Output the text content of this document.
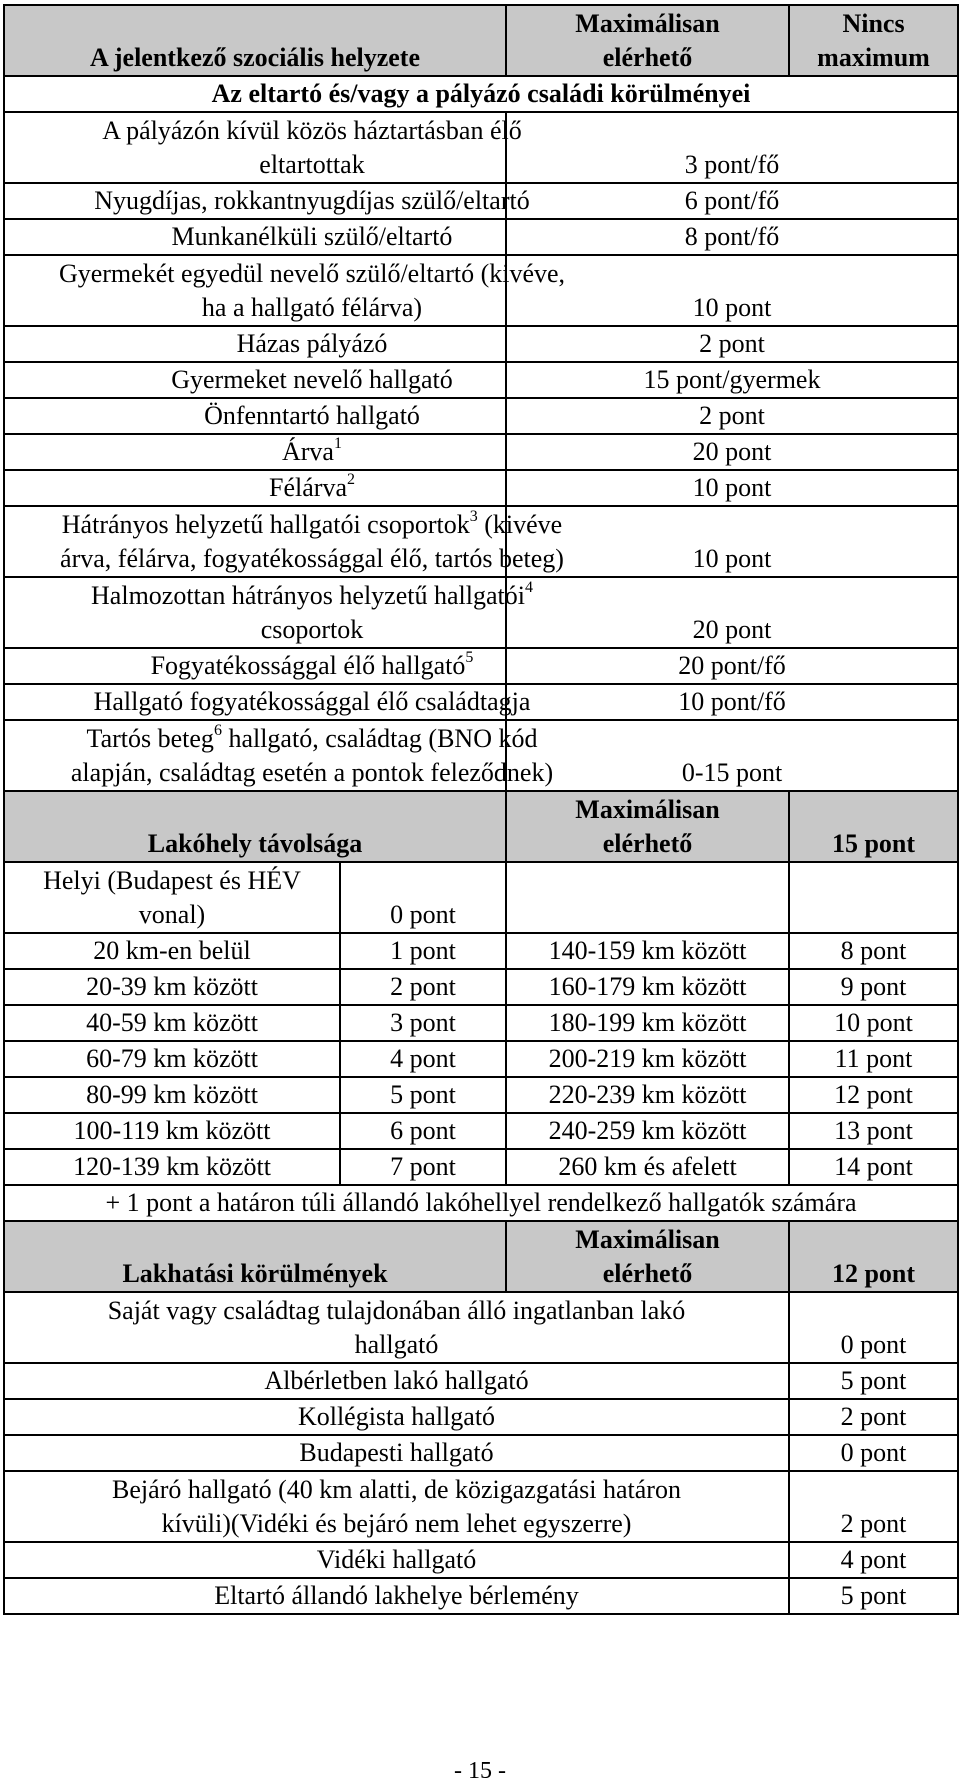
A jelentkező szociális helyzete		Maximálisan
elérhető	Nincs
maximum
Az eltartó és/vagy a pályázó családi körülményei			

A pályázón kívül közös háztartásban élő
eltartottak		3 pont/fő	

Nyugdíjas, rokkantnyugdíjas szülő/eltartó		6 pont/fő	

Munkanélküli szülő/eltartó		8 pont/fő	

Gyermekét egyedül nevelő szülő/eltartó (kivéve,
ha a hallgató félárva)		10 pont	

Házas pályázó		2 pont	

Gyermeket nevelő hallgató		15 pont/gyermek	

Önfenntartó hallgató		2 pont	

Árva$^1$		20 pont	

Félárva$^2$		10 pont	

Hátrányos helyzetű hallgatói csoportok$^3$ (kivéve
árva, félárva, fogyatékossággal élő, tartós beteg)		10 pont	

Halmozottan hátrányos helyzetű hallgatói$^4$
csoportok		20 pont	

Fogyatékossággal élő hallgató$^5$		20 pont/fő	

Hallgató fogyatékossággal élő családtagja		10 pont/fő	

Tartós beteg$^6$ hallgató, családtag (BNO kód
alapján, családtag esetén a pontok feleződnek)		0-15 pont	
Lakóhely távolsága		Maximálisan
elérhető	15 pont
Helyi (Budapest és HÉV
vonal)	0 pont		
20 km-en belül	1 pont	140-159 km között	8 pont
20-39 km között	2 pont	160-179 km között	9 pont
40-59 km között	3 pont	180-199 km között	10 pont
60-79 km között	4 pont	200-219 km között	11 pont
80-99 km között	5 pont	220-239 km között	12 pont
100-119 km között	6 pont	240-259 km között	13 pont
120-139 km között	7 pont	260 km és afelett	14 pont
+ 1 pont a határon túli állandó lakóhellyel rendelkező hallgatók számára			
Lakhatási körülmények		Maximálisan
elérhető	12 pont
Saját vagy családtag tulajdonában álló ingatlanban lakó
hallgató			0 pont
Albérletben lakó hallgató			5 pont
Kollégista hallgató			2 pont
Budapesti hallgató			0 pont
Bejáró hallgató (40 km alatti, de közigazgatási határon
kívüli)(Vidéki és bejáró nem lehet egyszerre)			2 pont
Vidéki hallgató			4 pont
Eltartó állandó lakhelye bérlemény			5 pont
- 15 -
